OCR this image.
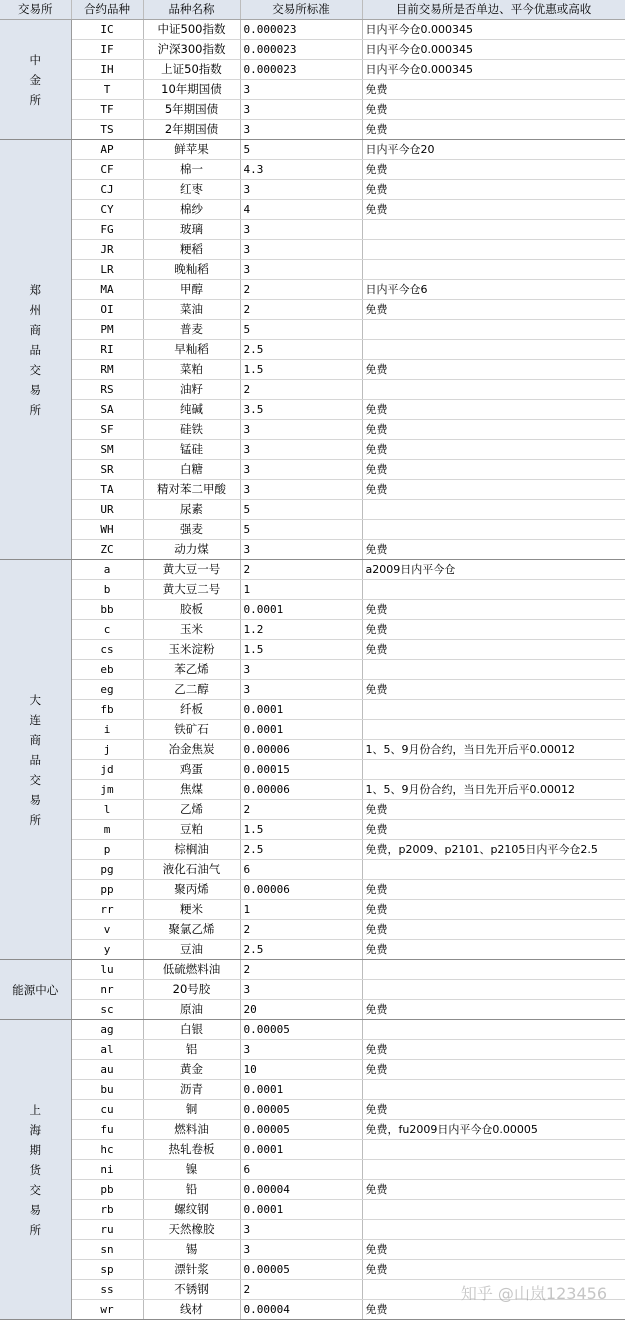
交易所	合约品种	品种名称	交易所标准	目前交易所是否单边、平今优惠或高收
中金所	IC	中证500指数	0.000023	日内平今仓0.000345
	IF	沪深300指数	0.000023	日内平今仓0.000345
	IH	上证50指数	0.000023	日内平今仓0.000345
	T	10年期国债	3	免费
	TF	5年期国债	3	免费
	TS	2年期国债	3	免费
郑州商品交易所	AP	鲜苹果	5	日内平今仓20
	CF	棉一	4.3	免费
	CJ	红枣	3	免费
	CY	棉纱	4	免费
	FG	玻璃	3	
	JR	粳稻	3	
	LR	晚籼稻	3	
	MA	甲醇	2	日内平今仓6
	OI	菜油	2	免费
	PM	普麦	5	
	RI	早籼稻	2.5	
	RM	菜粕	1.5	免费
	RS	油籽	2	
	SA	纯碱	3.5	免费
	SF	硅铁	3	免费
	SM	锰硅	3	免费
	SR	白糖	3	免费
	TA	精对苯二甲酸	3	免费
	UR	尿素	5	
	WH	强麦	5	
	ZC	动力煤	3	免费
大连商品交易所	a	黄大豆一号	2	a2009日内平今仓
	b	黄大豆二号	1	
	bb	胶板	0.0001	免费
	c	玉米	1.2	免费
	cs	玉米淀粉	1.5	免费
	eb	苯乙烯	3	
	eg	乙二醇	3	免费
	fb	纤板	0.0001	
	i	铁矿石	0.0001	
	j	冶金焦炭	0.00006	1、5、9月份合约，当日先开后平0.00012
	jd	鸡蛋	0.00015	
	jm	焦煤	0.00006	1、5、9月份合约，当日先开后平0.00012
	l	乙烯	2	免费
	m	豆粕	1.5	免费
	p	棕榈油	2.5	免费，p2009、p2101、p2105日内平今仓2.5
	pg	液化石油气	6	
	pp	聚丙烯	0.00006	免费
	rr	粳米	1	免费
	v	聚氯乙烯	2	免费
	y	豆油	2.5	免费
能源中心	lu	低硫燃料油	2	
	nr	20号胶	3	
	sc	原油	20	免费
上海期货交易所	ag	白银	0.00005	
	al	铝	3	免费
	au	黄金	10	免费
	bu	沥青	0.0001	
	cu	铜	0.00005	免费
	fu	燃料油	0.00005	免费，fu2009日内平今仓0.00005
	hc	热轧卷板	0.0001	
	ni	镍	6	
	pb	铅	0.00004	免费
	rb	螺纹钢	0.0001	
	ru	天然橡胶	3	
	sn	锡	3	免费
	sp	漂针浆	0.00005	免费
	ss	不锈钢	2	
	wr	线材	0.00004	免费
知乎 @山岚123456
